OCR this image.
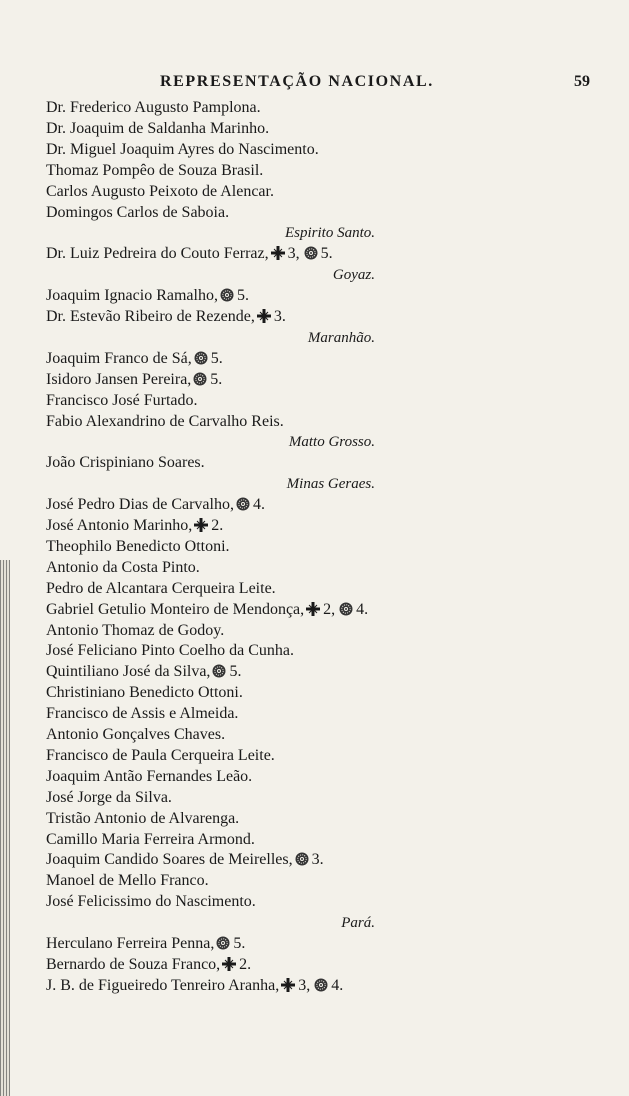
REPRESENTAÇÃO NACIONAL.	59
Dr. Frederico Augusto Pamplona.
Dr. Joaquim de Saldanha Marinho.
Dr. Miguel Joaquim Ayres do Nascimento.
Thomaz Pompêo de Souza Brasil.
Carlos Augusto Peixoto de Alencar.
Domingos Carlos de Saboia.
Espirito Santo.
Dr. Luiz Pedreira do Couto Ferraz, 3, 5.
Goyaz.
Joaquim Ignacio Ramalho, 5.
Dr. Estevão Ribeiro de Rezende, 3.
Maranhão.
Joaquim Franco de Sá, 5.
Isidoro Jansen Pereira, 5.
Francisco José Furtado.
Fabio Alexandrino de Carvalho Reis.
Matto Grosso.
João Crispiniano Soares.
Minas Geraes.
José Pedro Dias de Carvalho, 4.
José Antonio Marinho, 2.
Theophilo Benedicto Ottoni.
Antonio da Costa Pinto.
Pedro de Alcantara Cerqueira Leite.
Gabriel Getulio Monteiro de Mendonça, 2, 4.
Antonio Thomaz de Godoy.
José Feliciano Pinto Coelho da Cunha.
Quintiliano José da Silva, 5.
Christiniano Benedicto Ottoni.
Francisco de Assis e Almeida.
Antonio Gonçalves Chaves.
Francisco de Paula Cerqueira Leite.
Joaquim Antão Fernandes Leão.
José Jorge da Silva.
Tristão Antonio de Alvarenga.
Camillo Maria Ferreira Armond.
Joaquim Candido Soares de Meirelles, 3.
Manoel de Mello Franco.
José Felicissimo do Nascimento.
Pará.
Herculano Ferreira Penna, 5.
Bernardo de Souza Franco, 2.
J. B. de Figueiredo Tenreiro Aranha, 3, 4.
